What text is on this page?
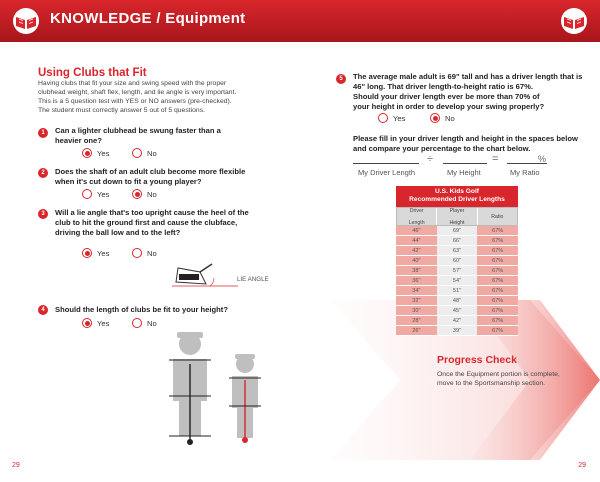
KNOWLEDGE / Equipment
Using Clubs that Fit
Having clubs that fit your size and swing speed with the proper
clubhead weight, shaft flex, length, and lie angle is very important.
This is a 5 question test with YES or NO answers (pre-checked).
The student must correctly answer 5 out of 5 questions.
1	Can a lighter clubhead be swung faster than a
heavier one?
Yes	No
2	Does the shaft of an adult club become more flexible
when it's cut down to fit a young player?
Yes	No
3	Will a lie angle that's too upright cause the heel of the
club to hit the ground first and cause the clubface,
driving the ball low and to the left?
Yes	No
LIE ANGLE
4	Should the length of clubs be fit to your height?
Yes	No
5	The average male adult is 69" tall and has a driver length that is
46" long. That driver length-to-height ratio is 67%.
Should your driver length ever be more than 70% of
your height in order to develop your swing properly?
Yes	No
Please fill in your driver length and height in the spaces below
and compare your percentage to the chart below.
÷	=	%
My Driver Length	My Height	My Ratio
U.S. Kids Golf
Recommended Driver Lengths
Driver

Length
Player

Height
Ratio
46"	69"	67%
44"	66"	67%
42"	63"	67%
40"	60"	67%
38"	57"	67%
36"	54"	67%
34"	51"	67%
32"	48"	67%
30"	45"	67%
28"	42"	67%
26"	39"	67%
Progress Check
Once the Equipment portion is complete,
move to the Sportsmanship section.
29	29
